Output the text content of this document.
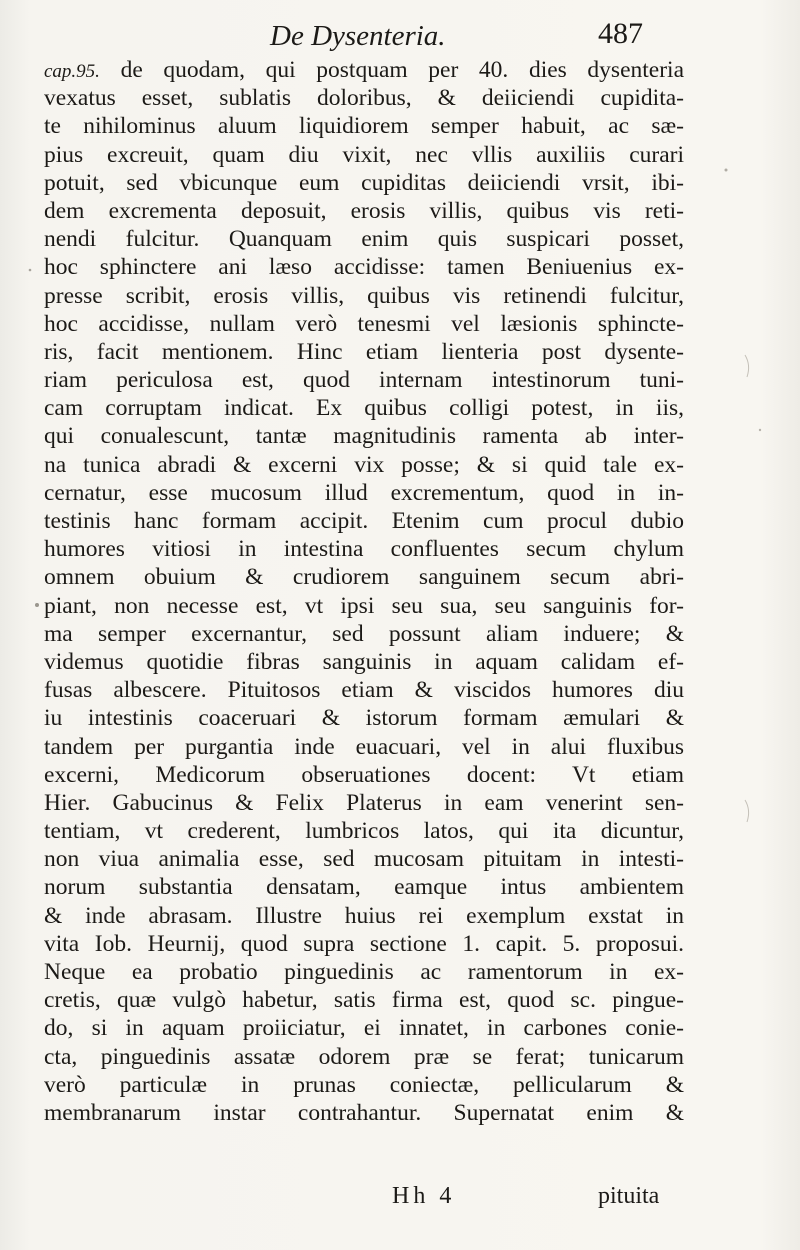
De Dysenteria.	487
cap.95. de quodam, qui postquam per 40. dies dysenteria
vexatus esset, sublatis doloribus, & deiiciendi cupidita-
te nihilominus aluum liquidiorem semper habuit, ac sæ-
pius excreuit, quam diu vixit, nec vllis auxiliis curari
potuit, sed vbicunque eum cupiditas deiiciendi vrsit, ibi-
dem excrementa deposuit, erosis villis, quibus vis reti-
nendi fulcitur. Quanquam enim quis suspicari posset,
hoc sphinctere ani læso accidisse: tamen Beniuenius ex-
presse scribit, erosis villis, quibus vis retinendi fulcitur,
hoc accidisse, nullam verò tenesmi vel læsionis sphincte-
ris, facit mentionem. Hinc etiam lienteria post dysente-
riam periculosa est, quod internam intestinorum tuni-
cam corruptam indicat. Ex quibus colligi potest, in iis,
qui conualescunt, tantæ magnitudinis ramenta ab inter-
na tunica abradi & excerni vix posse; & si quid tale ex-
cernatur, esse mucosum illud excrementum, quod in in-
testinis hanc formam accipit. Etenim cum procul dubio
humores vitiosi in intestina confluentes secum chylum
omnem obuium & crudiorem sanguinem secum abri-
piant, non necesse est, vt ipsi seu sua, seu sanguinis for-
ma semper excernantur, sed possunt aliam induere; &
videmus quotidie fibras sanguinis in aquam calidam ef-
fusas albescere. Pituitosos etiam & viscidos humores diu
iu intestinis coaceruari & istorum formam æmulari &
tandem per purgantia inde euacuari, vel in alui fluxibus
excerni, Medicorum obseruationes docent: Vt etiam
Hier. Gabucinus & Felix Platerus in eam venerint sen-
tentiam, vt crederent, lumbricos latos, qui ita dicuntur,
non viua animalia esse, sed mucosam pituitam in intesti-
norum substantia densatam, eamque intus ambientem
& inde abrasam. Illustre huius rei exemplum exstat in
vita Iob. Heurnij, quod supra sectione 1. capit. 5. proposui.
Neque ea probatio pinguedinis ac ramentorum in ex-
cretis, quæ vulgò habetur, satis firma est, quod sc. pingue-
do, si in aquam proiiciatur, ei innatet, in carbones conie-
cta, pinguedinis assatæ odorem præ se ferat; tunicarum
verò particulæ in prunas coniectæ, pellicularum &
membranarum instar contrahantur. Supernatat enim &
Hh 4	pituita
